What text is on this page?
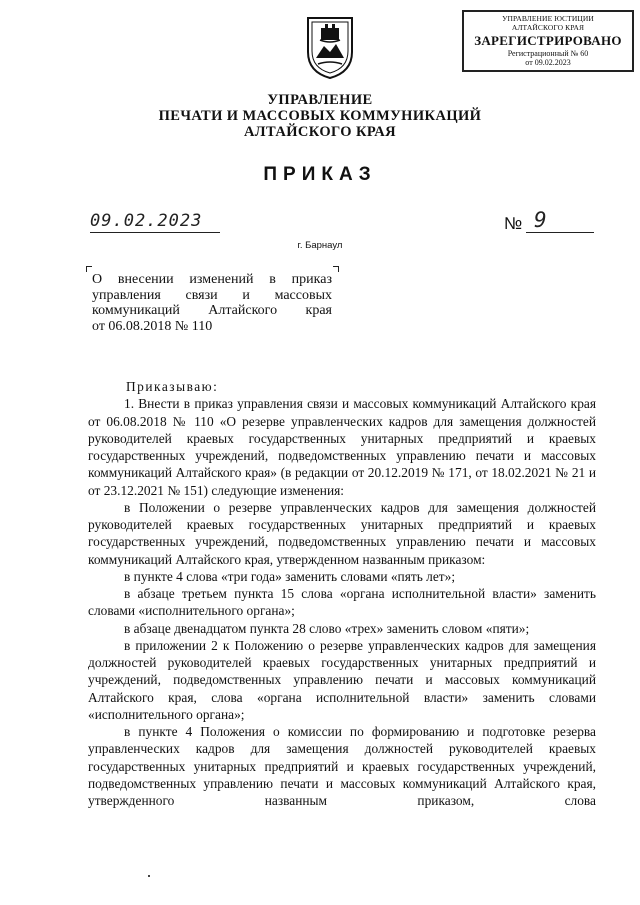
УПРАВЛЕНИЕ ЮСТИЦИИ
АЛТАЙСКОГО КРАЯ
ЗАРЕГИСТРИРОВАНО
Регистрационный № 60
от 09.02.2023
УПРАВЛЕНИЕ
ПЕЧАТИ И МАССОВЫХ КОММУНИКАЦИЙ
АЛТАЙСКОГО КРАЯ
ПРИКАЗ
09.02.2023	№ 9
г. Барнаул
О внесении изменений в приказ
управления связи и массовых
коммуникаций Алтайского края
от 06.08.2018 № 110

Приказываю:

1. Внести в приказ управления связи и массовых коммуникаций Алтайского края от 06.08.2018 № 110 «О резерве управленческих кадров для замещения должностей руководителей краевых государственных унитарных предприятий и краевых государственных учреждений, подведомственных управлению печати и массовых коммуникаций Алтайского края» (в редакции от 20.12.2019 № 171, от 18.02.2021 № 21 и от 23.12.2021 № 151) следующие изменения:

в Положении о резерве управленческих кадров для замещения должностей руководителей краевых государственных унитарных предприятий и краевых государственных учреждений, подведомственных управлению печати и массовых коммуникаций Алтайского края, утвержденном названным приказом:

в пункте 4 слова «три года» заменить словами «пять лет»;

в абзаце третьем пункта 15 слова «органа исполнительной власти» заменить словами «исполнительного органа»;

в абзаце двенадцатом пункта 28 слово «трех» заменить словом «пяти»;

в приложении 2 к Положению о резерве управленческих кадров для замещения должностей руководителей краевых государственных унитарных предприятий и учреждений, подведомственных управлению печати и массовых коммуникаций Алтайского края, слова «органа исполнительной власти» заменить словами «исполнительного органа»;

в пункте 4 Положения о комиссии по формированию и подготовке резерва управленческих кадров для замещения должностей руководителей краевых государственных унитарных предприятий и краевых государственных учреждений, подведомственных управлению печати и массовых коммуникаций Алтайского края, утвержденного названным приказом, слова
